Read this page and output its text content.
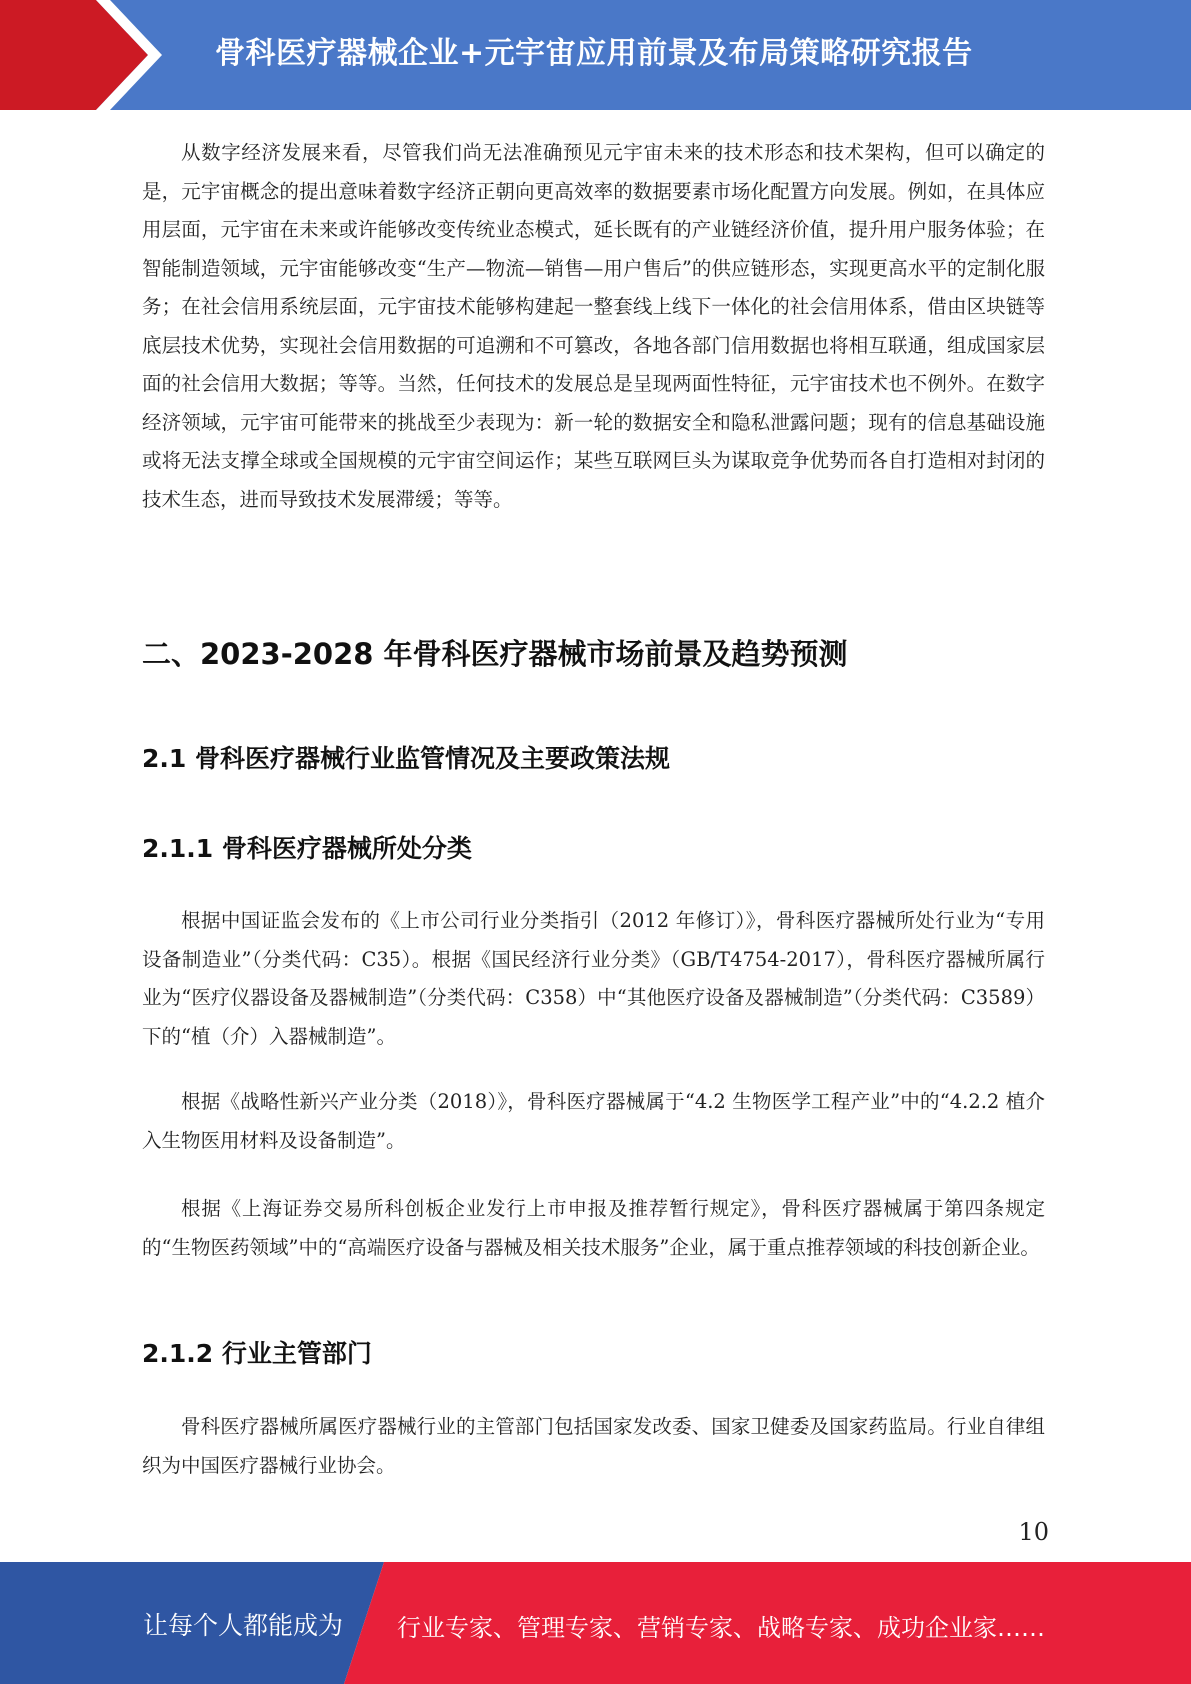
骨科医疗器械企业+元宇宙应用前景及布局策略研究报告

从数字经济发展来看，尽管我们尚无法准确预见元宇宙未来的技术形态和技术架构，但可以确定的是，元宇宙概念的提出意味着数字经济正朝向更高效率的数据要素市场化配置方向发展。例如，在具体应用层面，元宇宙在未来或许能够改变传统业态模式，延长既有的产业链经济价值，提升用户服务体验；在智能制造领域，元宇宙能够改变“生产—物流—销售—用户售后”的供应链形态，实现更高水平的定制化服务；在社会信用系统层面，元宇宙技术能够构建起一整套线上线下一体化的社会信用体系，借由区块链等底层技术优势，实现社会信用数据的可追溯和不可篡改，各地各部门信用数据也将相互联通，组成国家层面的社会信用大数据；等等。当然，任何技术的发展总是呈现两面性特征，元宇宙技术也不例外。在数字经济领域，元宇宙可能带来的挑战至少表现为：新一轮的数据安全和隐私泄露问题；现有的信息基础设施或将无法支撑全球或全国规模的元宇宙空间运作；某些互联网巨头为谋取竞争优势而各自打造相对封闭的技术生态，进而导致技术发展滞缓；等等。

二、2023-2028 年骨科医疗器械市场前景及趋势预测
2.1 骨科医疗器械行业监管情况及主要政策法规
2.1.1 骨科医疗器械所处分类

根据中国证监会发布的《上市公司行业分类指引（2012 年修订）》，骨科医疗器械所处行业为“专用设备制造业”（分类代码：C35）。根据《国民经济行业分类》（GB/T4754-2017），骨科医疗器械所属行业为“医疗仪器设备及器械制造”（分类代码：C358）中“其他医疗设备及器械制造”（分类代码：C3589）下的“植（介）入器械制造”。

根据《战略性新兴产业分类（2018）》，骨科医疗器械属于“4.2 生物医学工程产业”中的“4.2.2 植介入生物医用材料及设备制造”。

根据《上海证券交易所科创板企业发行上市申报及推荐暂行规定》，骨科医疗器械属于第四条规定的“生物医药领域”中的“高端医疗设备与器械及相关技术服务”企业，属于重点推荐领域的科技创新企业。

2.1.2 行业主管部门

骨科医疗器械所属医疗器械行业的主管部门包括国家发改委、国家卫健委及国家药监局。行业自律组织为中国医疗器械行业协会。

10
让每个人都能成为 行业专家、管理专家、营销专家、战略专家、成功企业家……
